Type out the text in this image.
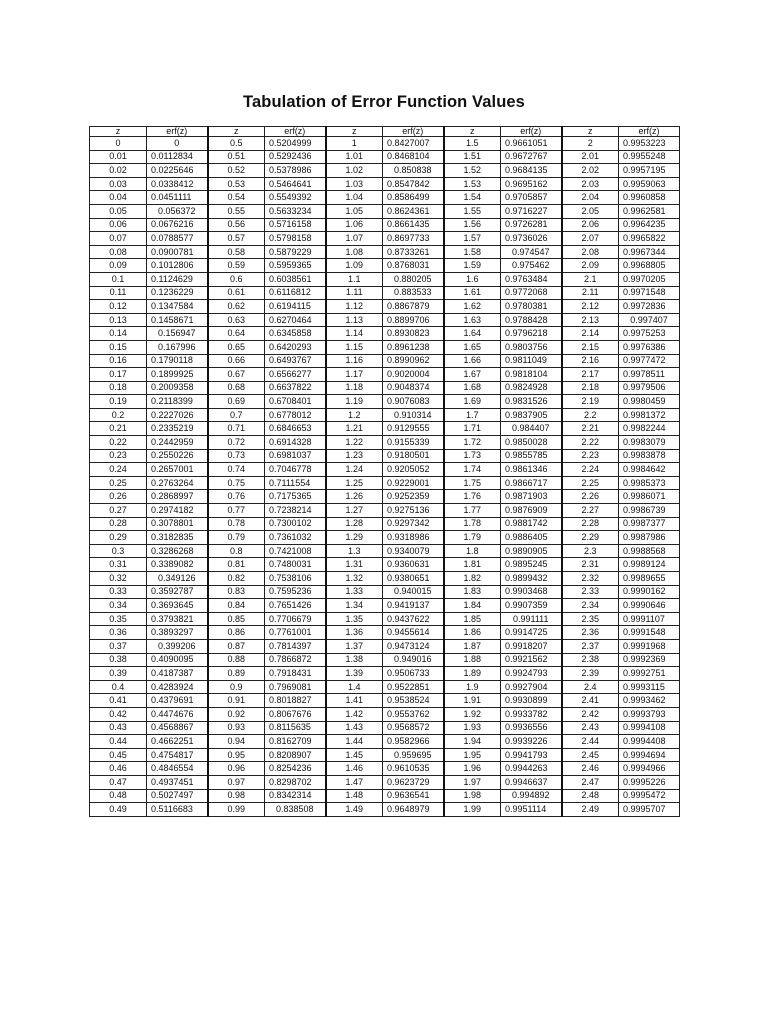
Tabulation of Error Function Values
z	erf(z)	z	erf(z)	z	erf(z)	z	erf(z)	z	erf(z)
0	0	0.5	0.5204999	1	0.8427007	1.5	0.9661051	2	0.9953223
0.01	0.0112834	0.51	0.5292436	1.01	0.8468104	1.51	0.9672767	2.01	0.9955248
0.02	0.0225646	0.52	0.5378986	1.02	0.850838	1.52	0.9684135	2.02	0.9957195
0.03	0.0338412	0.53	0.5464641	1.03	0.8547842	1.53	0.9695162	2.03	0.9959063
0.04	0.0451111	0.54	0.5549392	1.04	0.8586499	1.54	0.9705857	2.04	0.9960858
0.05	0.056372	0.55	0.5633234	1.05	0.8624361	1.55	0.9716227	2.05	0.9962581
0.06	0.0676216	0.56	0.5716158	1.06	0.8661435	1.56	0.9726281	2.06	0.9964235
0.07	0.0788577	0.57	0.5798158	1.07	0.8697733	1.57	0.9736026	2.07	0.9965822
0.08	0.0900781	0.58	0.5879229	1.08	0.8733261	1.58	0.974547	2.08	0.9967344
0.09	0.1012806	0.59	0.5959365	1.09	0.8768031	1.59	0.975462	2.09	0.9968805
0.1	0.1124629	0.6	0.6038561	1.1	0.880205	1.6	0.9763484	2.1	0.9970205
0.11	0.1236229	0.61	0.6116812	1.11	0.883533	1.61	0.9772068	2.11	0.9971548
0.12	0.1347584	0.62	0.6194115	1.12	0.8867879	1.62	0.9780381	2.12	0.9972836
0.13	0.1458671	0.63	0.6270464	1.13	0.8899706	1.63	0.9788428	2.13	0.997407
0.14	0.156947	0.64	0.6345858	1.14	0.8930823	1.64	0.9796218	2.14	0.9975253
0.15	0.167996	0.65	0.6420293	1.15	0.8961238	1.65	0.9803756	2.15	0.9976386
0.16	0.1790118	0.66	0.6493767	1.16	0.8990962	1.66	0.9811049	2.16	0.9977472
0.17	0.1899925	0.67	0.6566277	1.17	0.9020004	1.67	0.9818104	2.17	0.9978511
0.18	0.2009358	0.68	0.6637822	1.18	0.9048374	1.68	0.9824928	2.18	0.9979506
0.19	0.2118399	0.69	0.6708401	1.19	0.9076083	1.69	0.9831526	2.19	0.9980459
0.2	0.2227026	0.7	0.6778012	1.2	0.910314	1.7	0.9837905	2.2	0.9981372
0.21	0.2335219	0.71	0.6846653	1.21	0.9129555	1.71	0.984407	2.21	0.9982244
0.22	0.2442959	0.72	0.6914328	1.22	0.9155339	1.72	0.9850028	2.22	0.9983079
0.23	0.2550226	0.73	0.6981037	1.23	0.9180501	1.73	0.9855785	2.23	0.9983878
0.24	0.2657001	0.74	0.7046778	1.24	0.9205052	1.74	0.9861346	2.24	0.9984642
0.25	0.2763264	0.75	0.7111554	1.25	0.9229001	1.75	0.9866717	2.25	0.9985373
0.26	0.2868997	0.76	0.7175365	1.26	0.9252359	1.76	0.9871903	2.26	0.9986071
0.27	0.2974182	0.77	0.7238214	1.27	0.9275136	1.77	0.9876909	2.27	0.9986739
0.28	0.3078801	0.78	0.7300102	1.28	0.9297342	1.78	0.9881742	2.28	0.9987377
0.29	0.3182835	0.79	0.7361032	1.29	0.9318986	1.79	0.9886405	2.29	0.9987986
0.3	0.3286268	0.8	0.7421008	1.3	0.9340079	1.8	0.9890905	2.3	0.9988568
0.31	0.3389082	0.81	0.7480031	1.31	0.9360631	1.81	0.9895245	2.31	0.9989124
0.32	0.349126	0.82	0.7538106	1.32	0.9380651	1.82	0.9899432	2.32	0.9989655
0.33	0.3592787	0.83	0.7595236	1.33	0.940015	1.83	0.9903468	2.33	0.9990162
0.34	0.3693645	0.84	0.7651426	1.34	0.9419137	1.84	0.9907359	2.34	0.9990646
0.35	0.3793821	0.85	0.7706679	1.35	0.9437622	1.85	0.991111	2.35	0.9991107
0.36	0.3893297	0.86	0.7761001	1.36	0.9455614	1.86	0.9914725	2.36	0.9991548
0.37	0.399206	0.87	0.7814397	1.37	0.9473124	1.87	0.9918207	2.37	0.9991968
0.38	0.4090095	0.88	0.7866872	1.38	0.949016	1.88	0.9921562	2.38	0.9992369
0.39	0.4187387	0.89	0.7918431	1.39	0.9506733	1.89	0.9924793	2.39	0.9992751
0.4	0.4283924	0.9	0.7969081	1.4	0.9522851	1.9	0.9927904	2.4	0.9993115
0.41	0.4379691	0.91	0.8018827	1.41	0.9538524	1.91	0.9930899	2.41	0.9993462
0.42	0.4474676	0.92	0.8067676	1.42	0.9553762	1.92	0.9933782	2.42	0.9993793
0.43	0.4568867	0.93	0.8115635	1.43	0.9568572	1.93	0.9936556	2.43	0.9994108
0.44	0.4662251	0.94	0.8162709	1.44	0.9582966	1.94	0.9939226	2.44	0.9994408
0.45	0.4754817	0.95	0.8208907	1.45	0.959695	1.95	0.9941793	2.45	0.9994694
0.46	0.4846554	0.96	0.8254236	1.46	0.9610535	1.96	0.9944263	2.46	0.9994966
0.47	0.4937451	0.97	0.8298702	1.47	0.9623729	1.97	0.9946637	2.47	0.9995226
0.48	0.5027497	0.98	0.8342314	1.48	0.9636541	1.98	0.994892	2.48	0.9995472
0.49	0.5116683	0.99	0.838508	1.49	0.9648979	1.99	0.9951114	2.49	0.9995707
